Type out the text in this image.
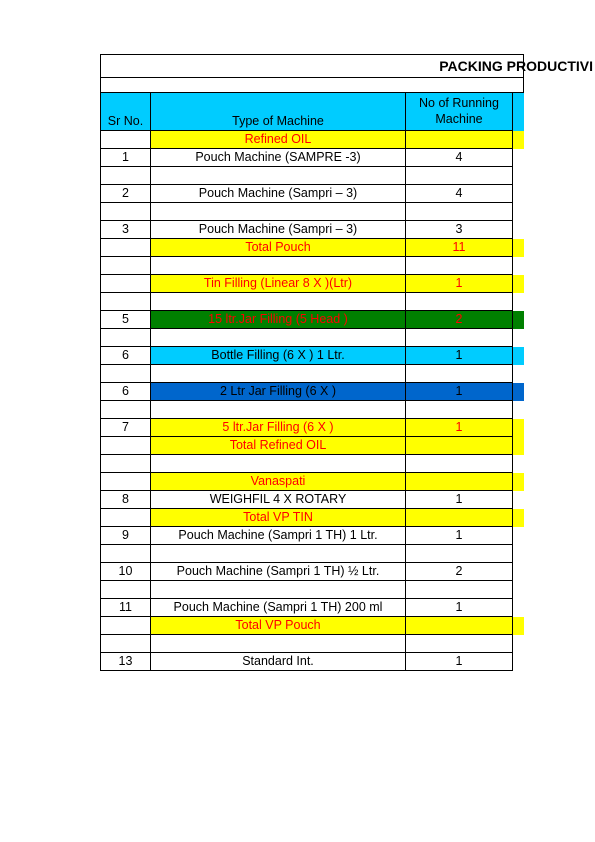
PACKING PRODUCTIVI			

Sr No.	Type of Machine	No of Running
Machine	
	Refined OIL		
1	Pouch Machine (SAMPRE -3)	4	

2	Pouch Machine (Sampri – 3)	4	

3	Pouch Machine (Sampri – 3)	3	
	Total Pouch	11	

	Tin Filling (Linear 8 X )(Ltr)	1	

5	15 ltr.Jar Filling (5 Head )	2	

6	Bottle Filling (6 X ) 1 Ltr.	1	

6	2 Ltr Jar Filling (6 X )	1	

7	5 ltr.Jar Filling (6 X )	1	
	Total Refined OIL		

	Vanaspati		
8	WEIGHFIL 4 X ROTARY	1	
	Total VP TIN		
9	Pouch Machine (Sampri 1 TH) 1 Ltr.	1	

10	Pouch Machine (Sampri 1 TH) ½ Ltr.	2	

11	Pouch Machine (Sampri 1 TH) 200 ml	1	
	Total VP Pouch		

13	Standard Int.	1	
